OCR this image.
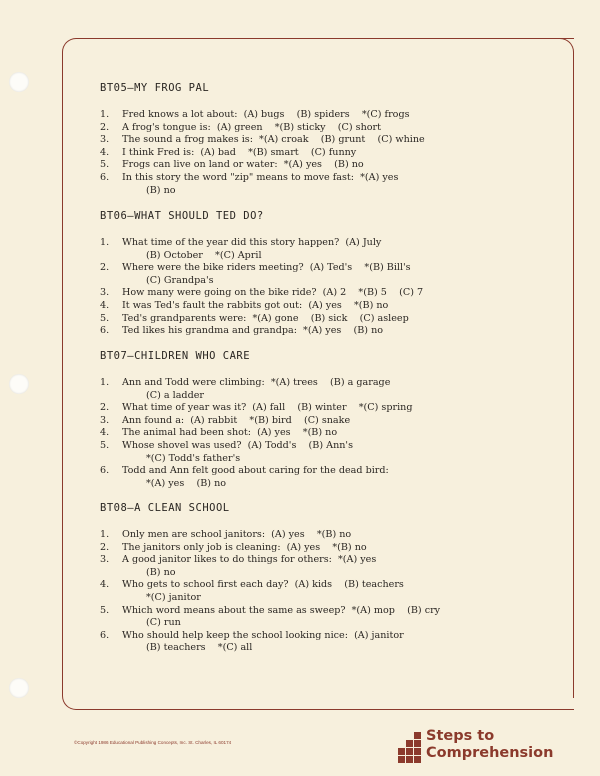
BT05—MY FROG PAL
1. Fred knows a lot about:  (A) bugs    (B) spiders    *(C) frogs
2. A frog's tongue is:  (A) green    *(B) sticky    (C) short
3. The sound a frog makes is:  *(A) croak    (B) grunt    (C) whine
4. I think Fred is:  (A) bad    *(B) smart    (C) funny
5. Frogs can live on land or water:  *(A) yes    (B) no
6. In this story the word "zip" means to move fast:  *(A) yes
(B) no
BT06—WHAT SHOULD TED DO?
1. What time of the year did this story happen?  (A) July
(B) October    *(C) April
2. Where were the bike riders meeting?  (A) Ted's    *(B) Bill's
(C) Grandpa's
3. How many were going on the bike ride?  (A) 2    *(B) 5    (C) 7
4. It was Ted's fault the rabbits got out:  (A) yes    *(B) no
5. Ted's grandparents were:  *(A) gone    (B) sick    (C) asleep
6. Ted likes his grandma and grandpa:  *(A) yes    (B) no
BT07—CHILDREN WHO CARE
1. Ann and Todd were climbing:  *(A) trees    (B) a garage
(C) a ladder
2. What time of year was it?  (A) fall    (B) winter    *(C) spring
3. Ann found a:  (A) rabbit    *(B) bird    (C) snake
4. The animal had been shot:  (A) yes    *(B) no
5. Whose shovel was used?  (A) Todd's    (B) Ann's
*(C) Todd's father's
6. Todd and Ann felt good about caring for the dead bird:
*(A) yes    (B) no
BT08—A CLEAN SCHOOL
1. Only men are school janitors:  (A) yes    *(B) no
2. The janitors only job is cleaning:  (A) yes    *(B) no
3. A good janitor likes to do things for others:  *(A) yes
(B) no
4. Who gets to school first each day?  (A) kids    (B) teachers
*(C) janitor
5. Which word means about the same as sweep?  *(A) mop    (B) cry
(C) run
6. Who should help keep the school looking nice:  (A) janitor
(B) teachers    *(C) all
©Copyright 1986 Educational Publishing Concepts, Inc. St. Charles, IL 60174	Steps to
Comprehension
